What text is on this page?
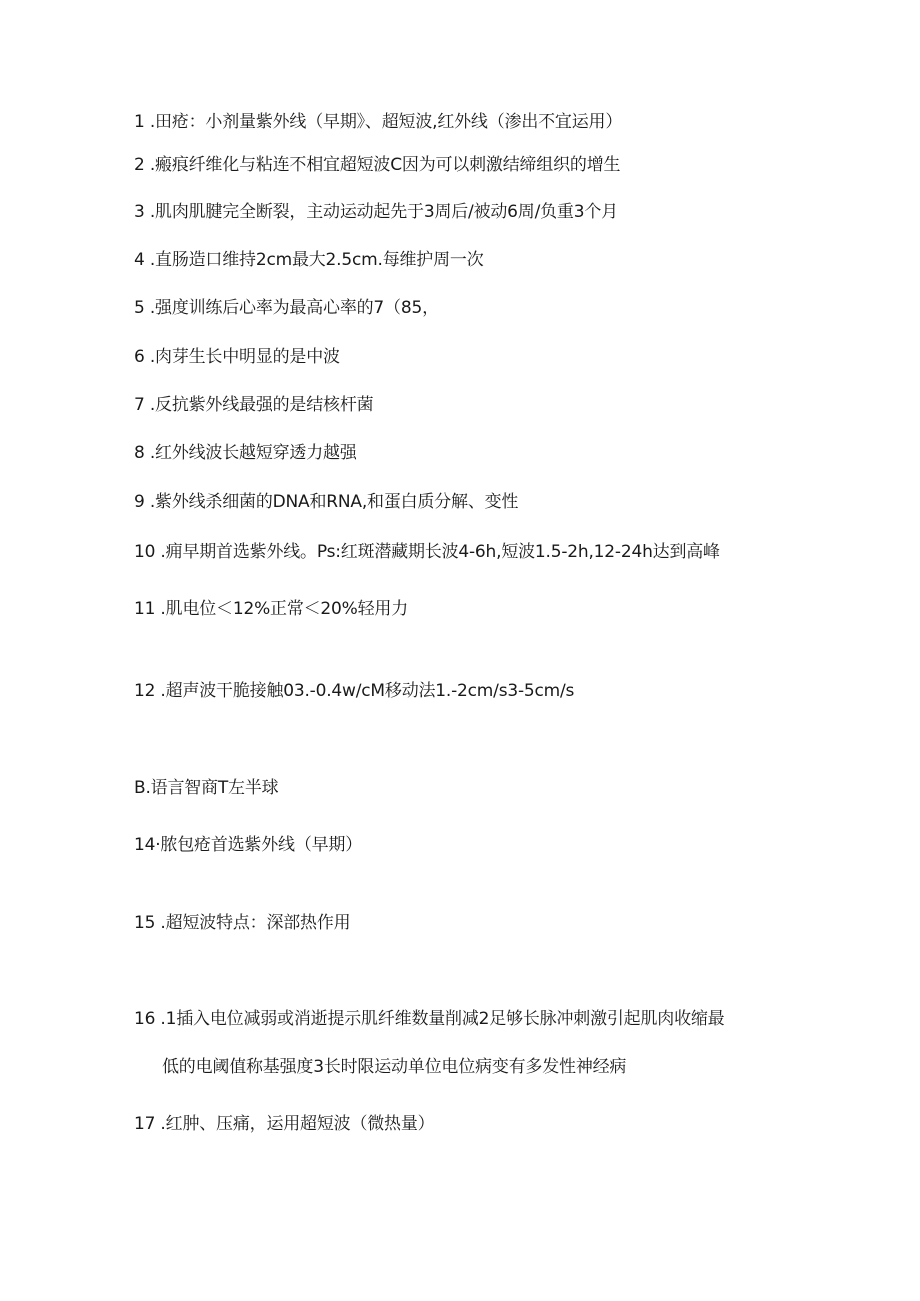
1 .田疮：小剂量紫外线（早期》、超短波,红外线（渗出不宜运用）
2 .瘢痕纤维化与粘连不相宜超短波C因为可以刺激结缔组织的增生
3 .肌肉肌腱完全断裂，主动运动起先于3周后/被动6周/负重3个月
4 .直肠造口维持2cm最大2.5cm.每维护周一次
5 .强度训练后心率为最高心率的7（85，
6 .肉芽生长中明显的是中波
7 .反抗紫外线最强的是结核杆菌
8 .红外线波长越短穿透力越强
9 .紫外线杀细菌的DNA和RNA,和蛋白质分解、变性
10 .痈早期首选紫外线。Ps:红斑潜藏期长波4-6h,短波1.5-2h,12-24h达到高峰
11 .肌电位＜12%正常＜20%轻用力
12 .超声波干脆接触03.-0.4w∕cM移动法1.-2cm∕s3-5cm∕s
B.语言智商T左半球
14·脓包疮首选紫外线（早期）
15 .超短波特点：深部热作用
16 .1插入电位减弱或消逝提示肌纤维数量削减2足够长脉冲刺激引起肌肉收缩最
低的电阈值称基强度3长时限运动单位电位病变有多发性神经病
17 .红肿、压痛，运用超短波（微热量）
